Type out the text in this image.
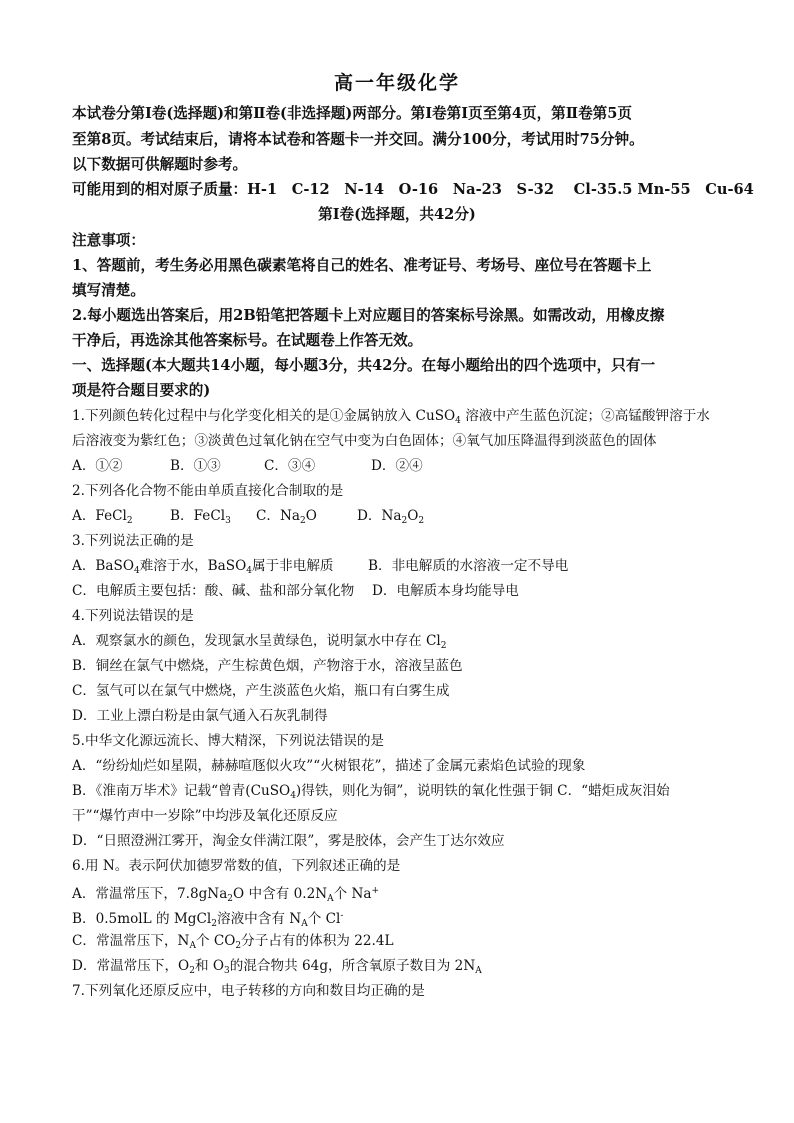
高一年级化学
本试卷分第Ⅰ卷(选择题)和第Ⅱ卷(非选择题)两部分。第Ⅰ卷第Ⅰ页至第4页，第Ⅱ卷第5页
至第8页。考试结束后，请将本试卷和答题卡一并交回。满分100分，考试用时75分钟。
以下数据可供解题时参考。
可能用到的相对原子质量：H-1　C-12　N-14　O-16　Na-23　S-32　 Cl-35.5 Mn-55　Cu-64
第Ⅰ卷(选择题，共42分)
注意事项：
1、答题前，考生务必用黑色碳素笔将自己的姓名、准考证号、考场号、座位号在答题卡上
填写清楚。
2.每小题选出答案后，用2B铅笔把答题卡上对应题目的答案标号涂黑。如需改动，用橡皮擦
干净后，再选涂其他答案标号。在试题卷上作答无效。
一、选择题(本大题共14小题，每小题3分，共42分。在每小题给出的四个选项中，只有一
项是符合题目要求的)
1.下列颜色转化过程中与化学变化相关的是①金属钠放入 CuSO$_4$ 溶液中产生蓝色沉淀；②高锰酸钾溶于水
后溶液变为紫红色；③淡黄色过氧化钠在空气中变为白色固体；④氧气加压降温得到淡蓝色的固体
A．①②	B．①③	C．③④	D．②④
2.下列各化合物不能由单质直接化合制取的是
A．FeCl$_2$	B．FeCl$_3$ C．$Na_2O$	D．$Na_2O_2$
3.下列说法正确的是
A．BaSO$_4$难溶于水，BaSO$_4$属于非电解质	B．非电解质的水溶液一定不导电
C．电解质主要包括：酸、碱、盐和部分氧化物 D．电解质本身均能导电
4.下列说法错误的是
A．观察氯水的颜色，发现氯水呈黄绿色，说明氯水中存在 $Cl_2$
B．铜丝在氯气中燃烧，产生棕黄色烟，产物溶于水，溶液呈蓝色
C．氢气可以在氯气中燃烧，产生淡蓝色火焰，瓶口有白雾生成
D．工业上漂白粉是由氯气通入石灰乳制得
5.中华文化源远流长、博大精深，下列说法错误的是
A．“纷纷灿烂如星陨，赫赫喧豗似火攻”“火树银花”，描述了金属元素焰色试验的现象
B．《淮南万毕术》记载“曾青(CuSO$_4$)得铁，则化为铜”，说明铁的氧化性强于铜 C．“蜡炬成灰泪始
干”“爆竹声中一岁除”中均涉及氧化还原反应
D．“日照澄洲江雾开，淘金女伴满江限”，雾是胶体，会产生丁达尔效应
6.用 N。表示阿伏加德罗常数的值，下列叙述正确的是
A．常温常压下，7.8gNa$_2$O 中含有 $0.2N_A$个 Na+
B．0.5molL 的 MgCl$_2$溶液中含有 $N_A$个 Cl-
C．常温常压下，$N_A$个 $CO_2$分子占有的体积为 22.4L
D．常温常压下，$O_2$和 $O_3$的混合物共 64g，所含氧原子数目为 $2N_A$
7.下列氧化还原反应中，电子转移的方向和数目均正确的是
